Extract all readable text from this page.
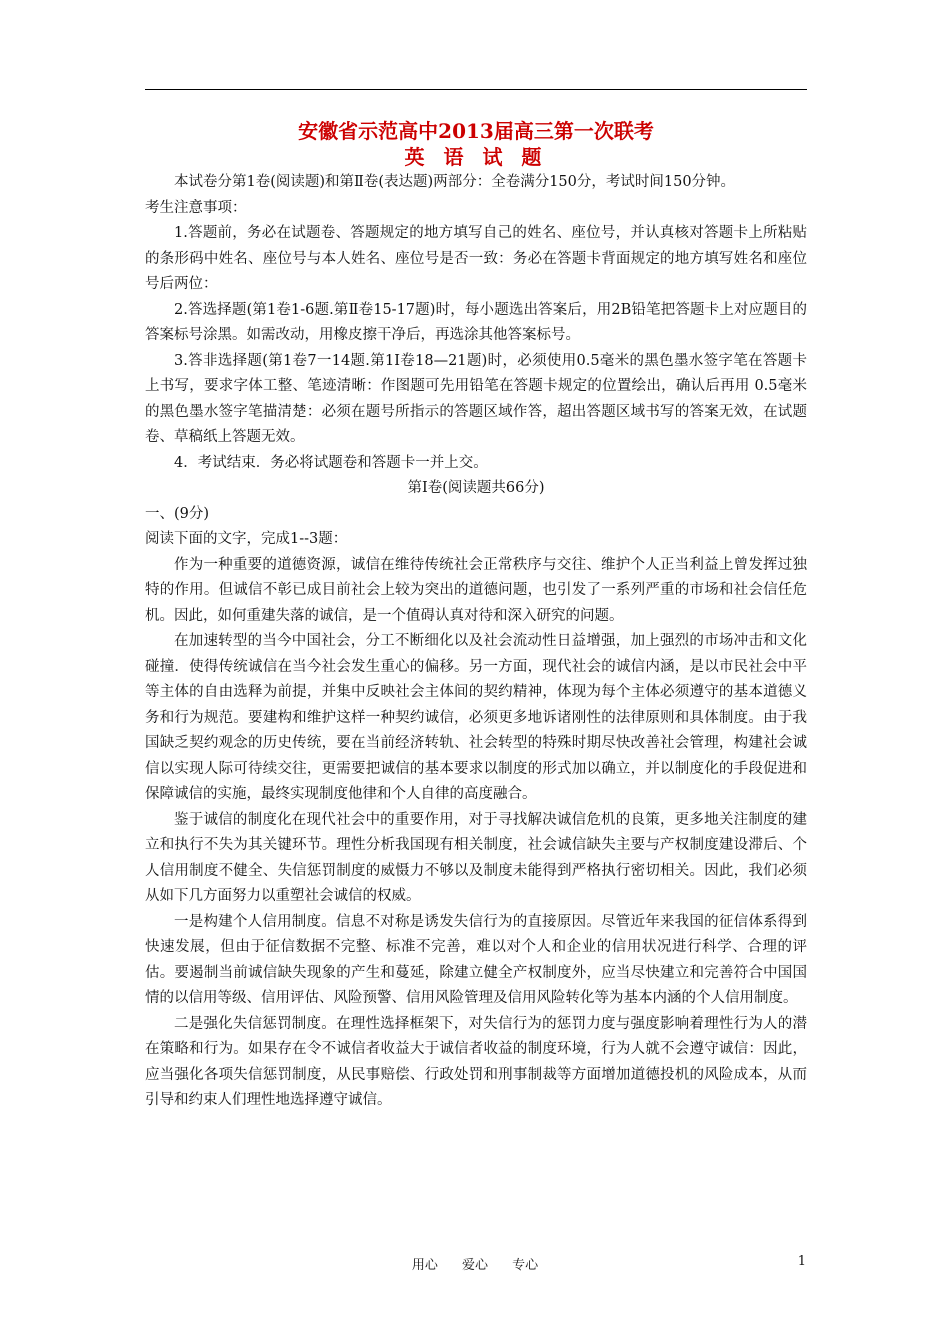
安徽省示范高中2013届高三第一次联考

英 语 试 题

本试卷分第1卷(阅读题)和第Ⅱ卷(表达题)两部分：全卷满分150分，考试时间150分钟。

考生注意事项：

1.答题前，务必在试题卷、答题规定的地方填写自己的姓名、座位号，并认真核对答题卡上所粘贴的条形码中姓名、座位号与本人姓名、座位号是否一致：务必在答题卡背面规定的地方填写姓名和座位号后两位：

2.答选择题(第1卷1-6题.第Ⅱ卷15-17题)时，每小题选出答案后，用2B铅笔把答题卡上对应题目的答案标号涂黑。如需改动，用橡皮擦干净后，再选涂其他答案标号。

3.答非选择题(第1卷7一14题.第1I卷18—21题)时，必须使用0.5毫米的黑色墨水签字笔在答题卡上书写，要求字体工整、笔迹清晰：作图题可先用铅笔在答题卡规定的位置绘出，确认后再用 0.5毫米的黑色墨水签字笔描清楚：必须在题号所指示的答题区域作答，超出答题区域书写的答案无效，在试题卷、草稿纸上答题无效。

4．考试结束．务必将试题卷和答题卡一并上交。

第Ⅰ卷(阅读题共66分)

一、(9分)

阅读下面的文字，完成1--3题：

作为一种重要的道德资源，诚信在维待传统社会正常秩序与交往、维护个人正当利益上曾发挥过独特的作用。但诚信不彰已成目前社会上较为突出的道德问题，也引发了一系列严重的市场和社会信任危机。因此，如何重建失落的诚信，是一个值碍认真对待和深入研究的问题。

在加速转型的当今中国社会，分工不断细化以及社会流动性日益增强，加上强烈的市场冲击和文化碰撞．使得传统诚信在当今社会发生重心的偏移。另一方面，现代社会的诚信内涵，是以市民社会中平等主体的自由选释为前提，并集中反映社会主体间的契约精神，体现为每个主体必须遵守的基本道德义务和行为规范。要建构和维护这样一种契约诚信，必须更多地诉诸刚性的法律原则和具体制度。由于我国缺乏契约观念的历史传统，要在当前经济转轨、社会转型的特殊时期尽快改善社会管理，构建社会诚信以实现人际可待续交往，更需要把诚信的基本要求以制度的形式加以确立，并以制度化的手段促进和保障诚信的实施，最终实现制度他律和个人自律的高度融合。

鉴于诚信的制度化在现代社会中的重要作用，对于寻找解决诚信危机的良策，更多地关注制度的建立和执行不失为其关键环节。理性分析我国现有相关制度，社会诚信缺失主要与产权制度建设滞后、个人信用制度不健全、失信惩罚制度的威慑力不够以及制度未能得到严格执行密切相关。因此，我们必须从如下几方面努力以重塑社会诚信的权威。

一是构建个人信用制度。信息不对称是诱发失信行为的直接原因。尽管近年来我国的征信体系得到快速发展，但由于征信数据不完整、标准不完善，难以对个人和企业的信用状况进行科学、合理的评估。要遏制当前诚信缺失现象的产生和蔓延，除建立健全产权制度外，应当尽快建立和完善符合中国国情的以信用等级、信用评估、风险预警、信用风险管理及信用风险转化等为基本内涵的个人信用制度。

二是强化失信惩罚制度。在理性选择框架下，对失信行为的惩罚力度与强度影响着理性行为人的潜在策略和行为。如果存在令不诚信者收益大于诚信者收益的制度环境，行为人就不会遵守诚信：因此，应当强化各项失信惩罚制度，从民事赔偿、行政处罚和刑事制裁等方面增加道德投机的风险成本，从而引导和约束人们理性地选择遵守诚信。

用心 爱心 专心	1
